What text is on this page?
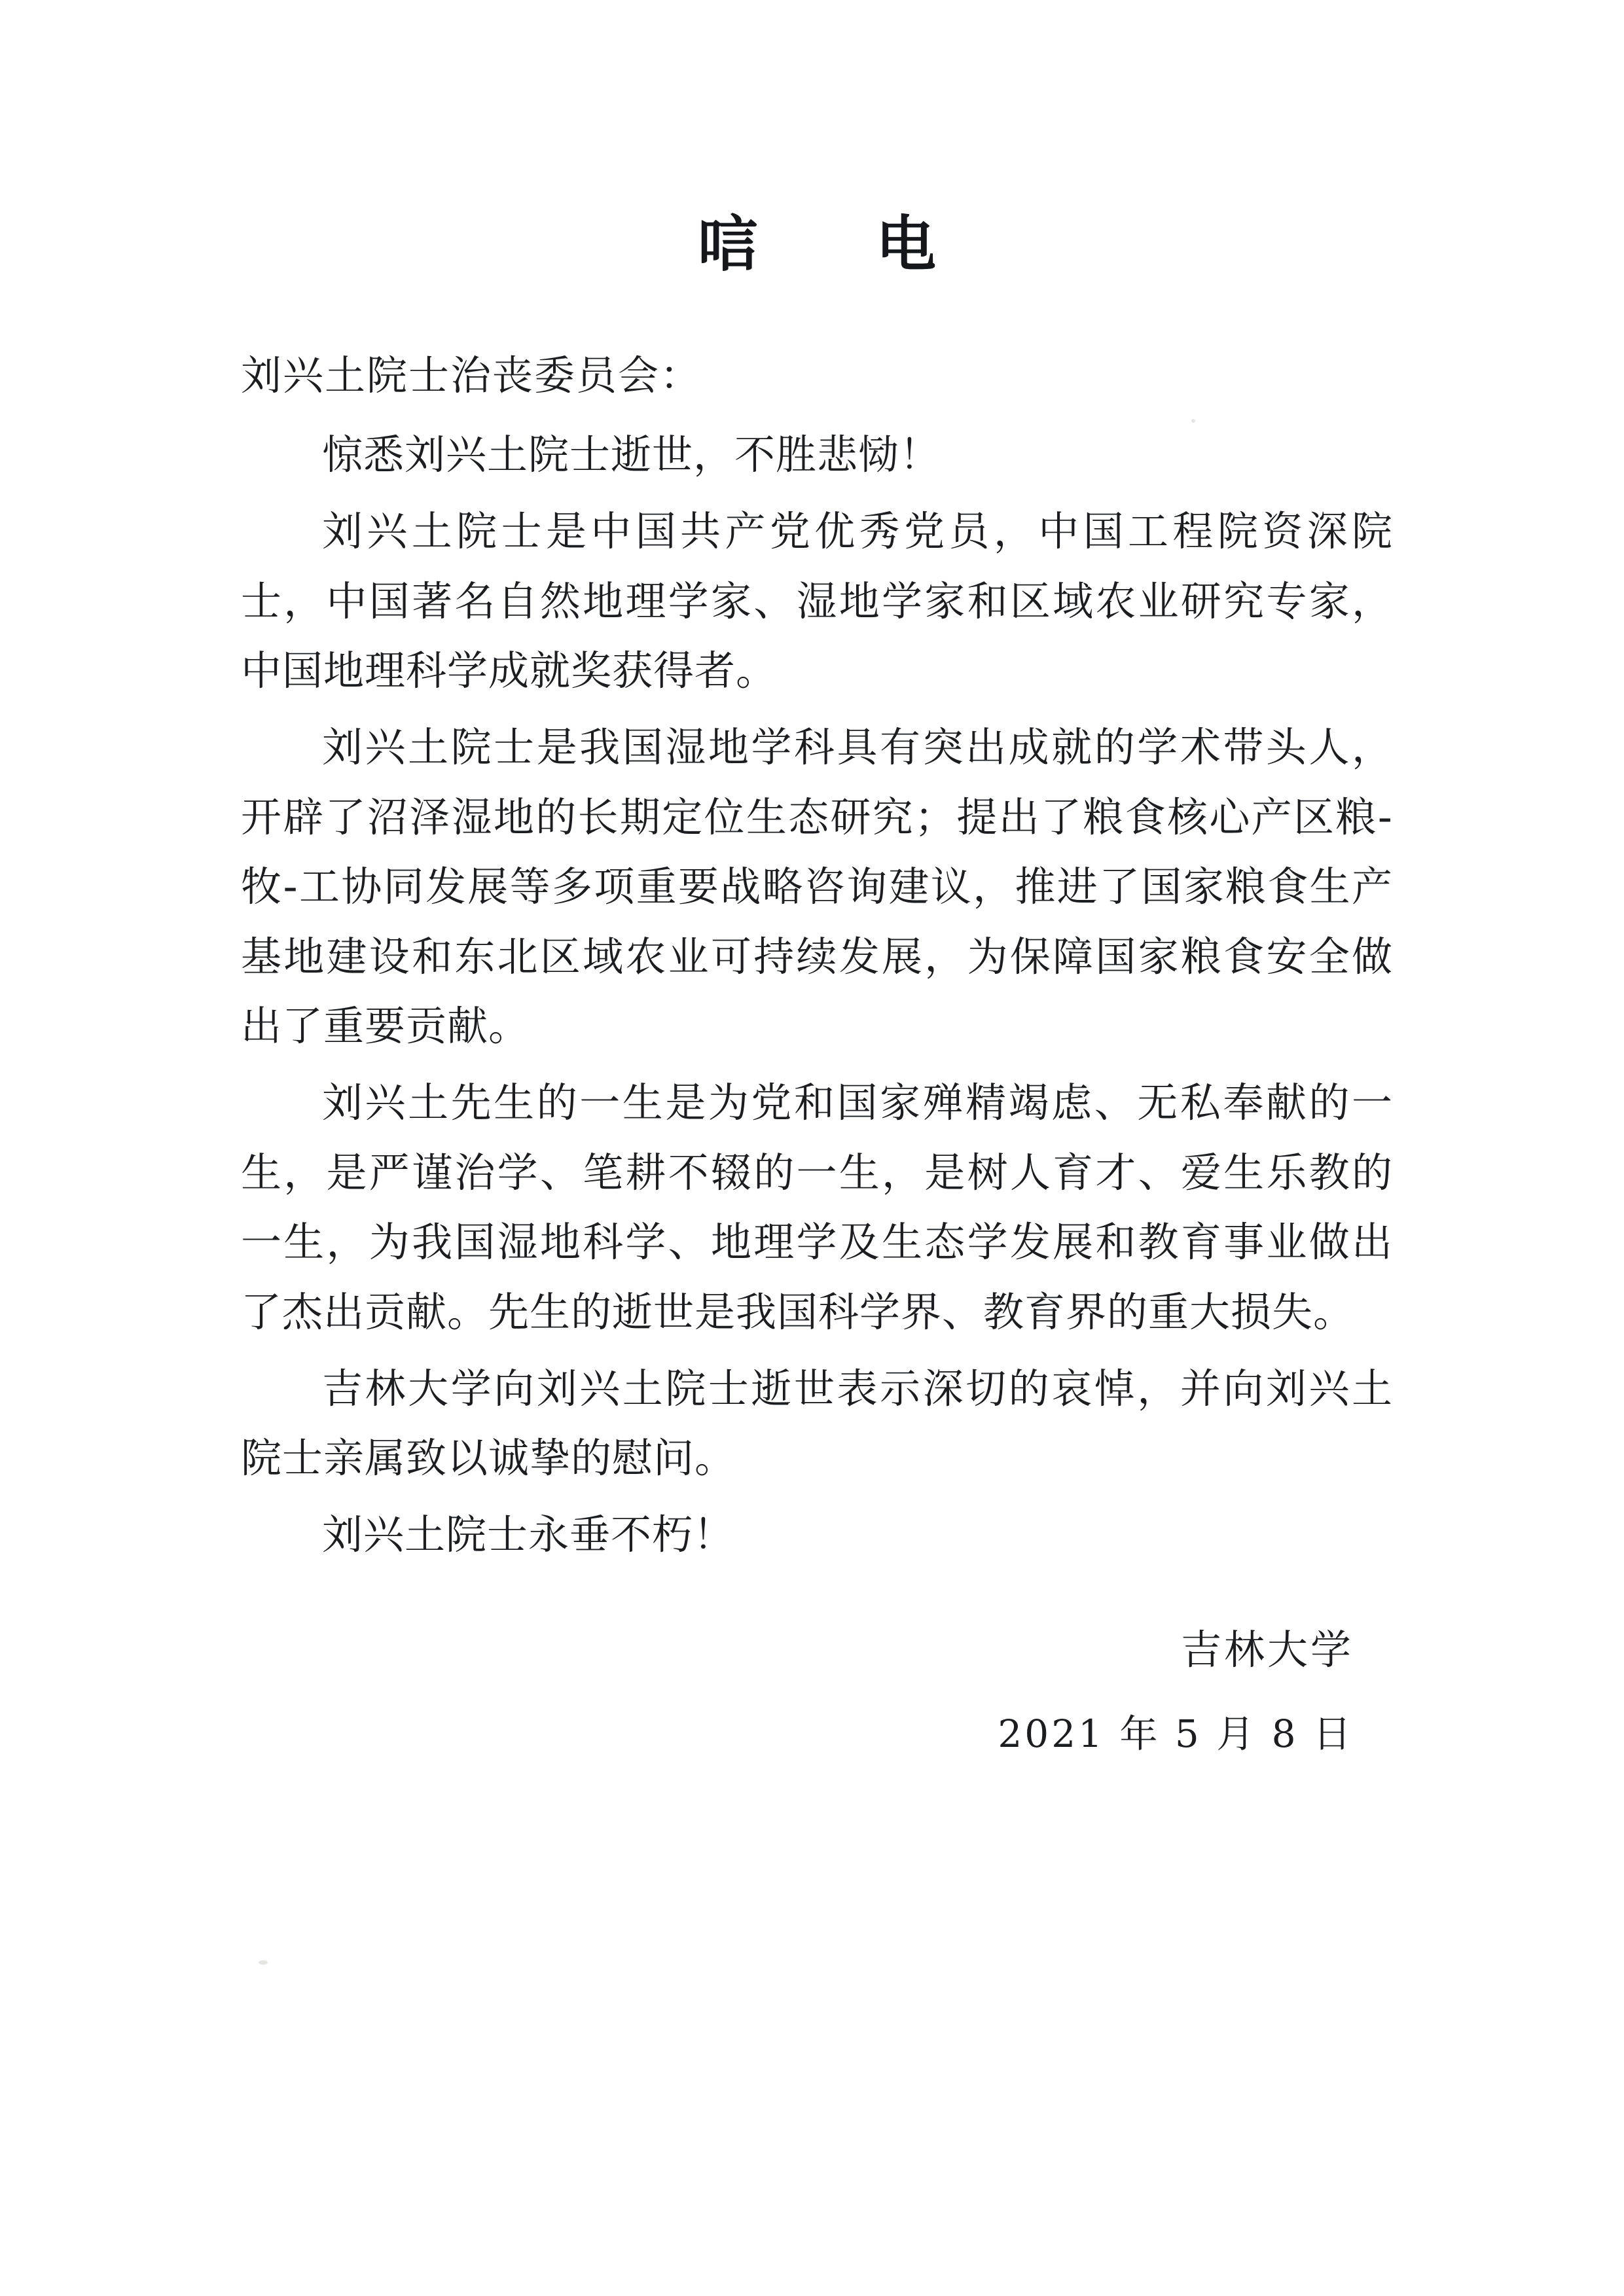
唁　电

刘兴土院士治丧委员会：

惊悉刘兴土院士逝世，不胜悲恸！

刘兴土院士是中国共产党优秀党员，中国工程院资深院士，中国著名自然地理学家、湿地学家和区域农业研究专家，中国地理科学成就奖获得者。

刘兴土院士是我国湿地学科具有突出成就的学术带头人，开辟了沼泽湿地的长期定位生态研究；提出了粮食核心产区粮-牧-工协同发展等多项重要战略咨询建议，推进了国家粮食生产基地建设和东北区域农业可持续发展，为保障国家粮食安全做出了重要贡献。

刘兴土先生的一生是为党和国家殚精竭虑、无私奉献的一生，是严谨治学、笔耕不辍的一生，是树人育才、爱生乐教的一生，为我国湿地科学、地理学及生态学发展和教育事业做出了杰出贡献。先生的逝世是我国科学界、教育界的重大损失。

吉林大学向刘兴土院士逝世表示深切的哀悼，并向刘兴土院士亲属致以诚挚的慰问。

刘兴土院士永垂不朽！

吉林大学

2021 年 5 月 8 日
